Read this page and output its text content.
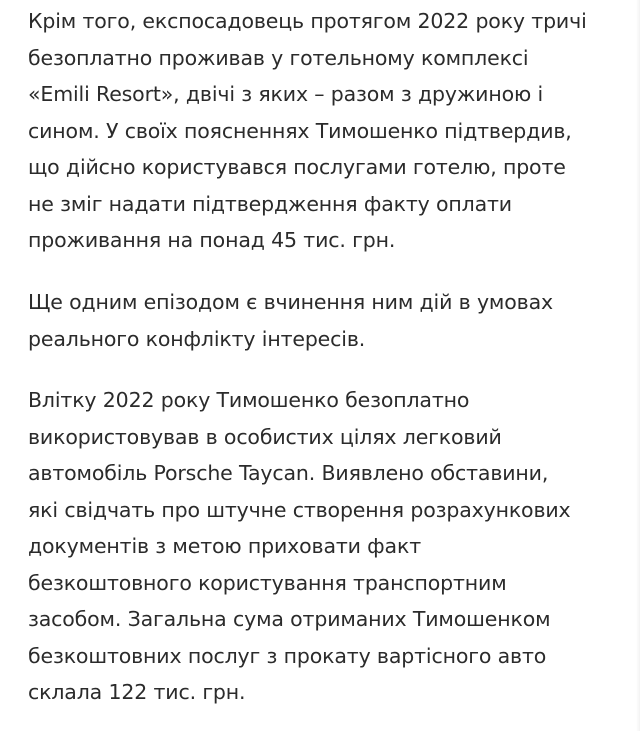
Крім того, експосадовець протягом 2022 року тричі
безоплатно проживав у готельному комплексі
«Emili Resort», двічі з яких – разом з дружиною і
сином. У своїх поясненнях Тимошенко підтвердив,
що дійсно користувався послугами готелю, проте
не зміг надати підтвердження факту оплати
проживання на понад 45 тис. грн.

Ще одним епізодом є вчинення ним дій в умовах
реального конфлікту інтересів.

Влітку 2022 року Тимошенко безоплатно
використовував в особистих цілях легковий
автомобіль Porsche Taycan. Виявлено обставини,
які свідчать про штучне створення розрахункових
документів з метою приховати факт
безкоштовного користування транспортним
засобом. Загальна сума отриманих Тимошенком
безкоштовних послуг з прокату вартісного авто
склала 122 тис. грн.
